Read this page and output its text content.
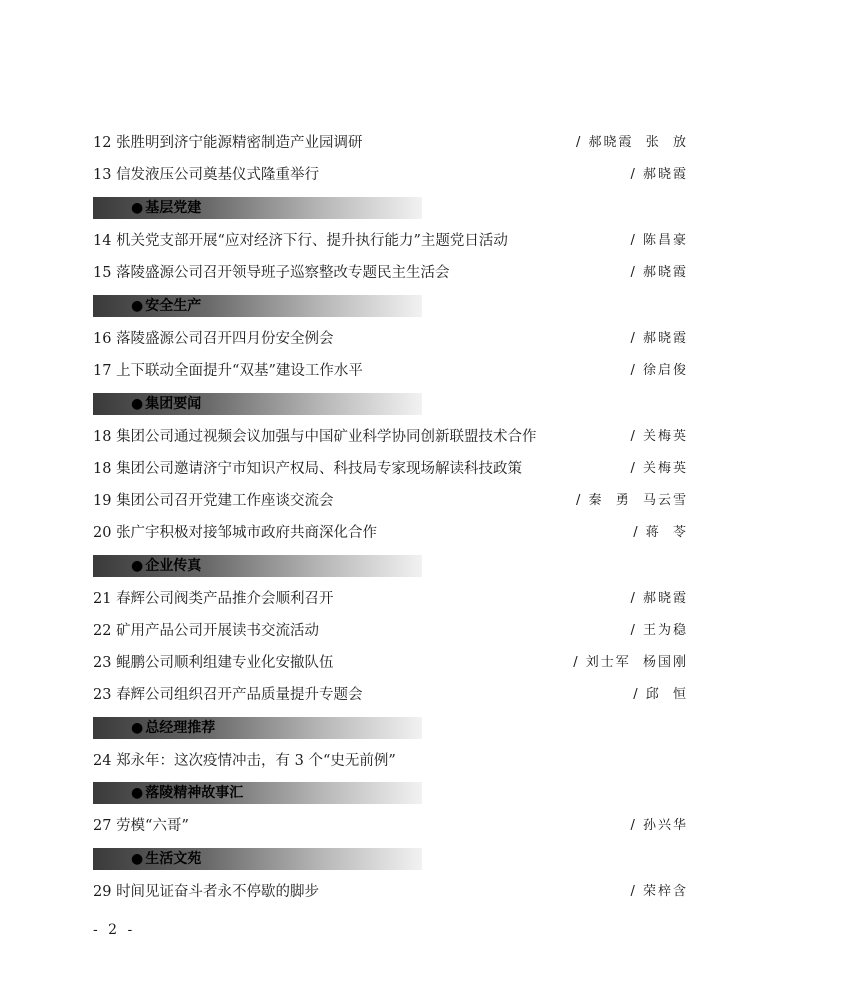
12 张胜明到济宁能源精密制造产业园调研	/ 郝晓霞  张  放
13 信发液压公司奠基仪式隆重举行	/ 郝晓霞
● 基层党建
14 机关党支部开展“应对经济下行、提升执行能力”主题党日活动	/ 陈昌豪
15 落陵盛源公司召开领导班子巡察整改专题民主生活会	/ 郝晓霞
● 安全生产
16 落陵盛源公司召开四月份安全例会	/ 郝晓霞
17 上下联动全面提升“双基”建设工作水平	/ 徐启俊
● 集团要闻
18 集团公司通过视频会议加强与中国矿业科学协同创新联盟技术合作	/ 关梅英
18 集团公司邀请济宁市知识产权局、科技局专家现场解读科技政策	/ 关梅英
19 集团公司召开党建工作座谈交流会	/ 秦  勇  马云雪
20 张广宇积极对接邹城市政府共商深化合作	/ 蒋  苓
● 企业传真
21 春辉公司阀类产品推介会顺利召开	/ 郝晓霞
22 矿用产品公司开展读书交流活动	/ 王为稳
23 鲲鹏公司顺利组建专业化安撤队伍	/ 刘士军  杨国刚
23 春辉公司组织召开产品质量提升专题会	/ 邱  恒
● 总经理推荐
24 郑永年：这次疫情冲击，有 3 个“史无前例”
● 落陵精神故事汇
27 劳模“六哥”	/ 孙兴华
● 生活文苑
29 时间见证奋斗者永不停歇的脚步	/ 荣梓含
- 2 -
